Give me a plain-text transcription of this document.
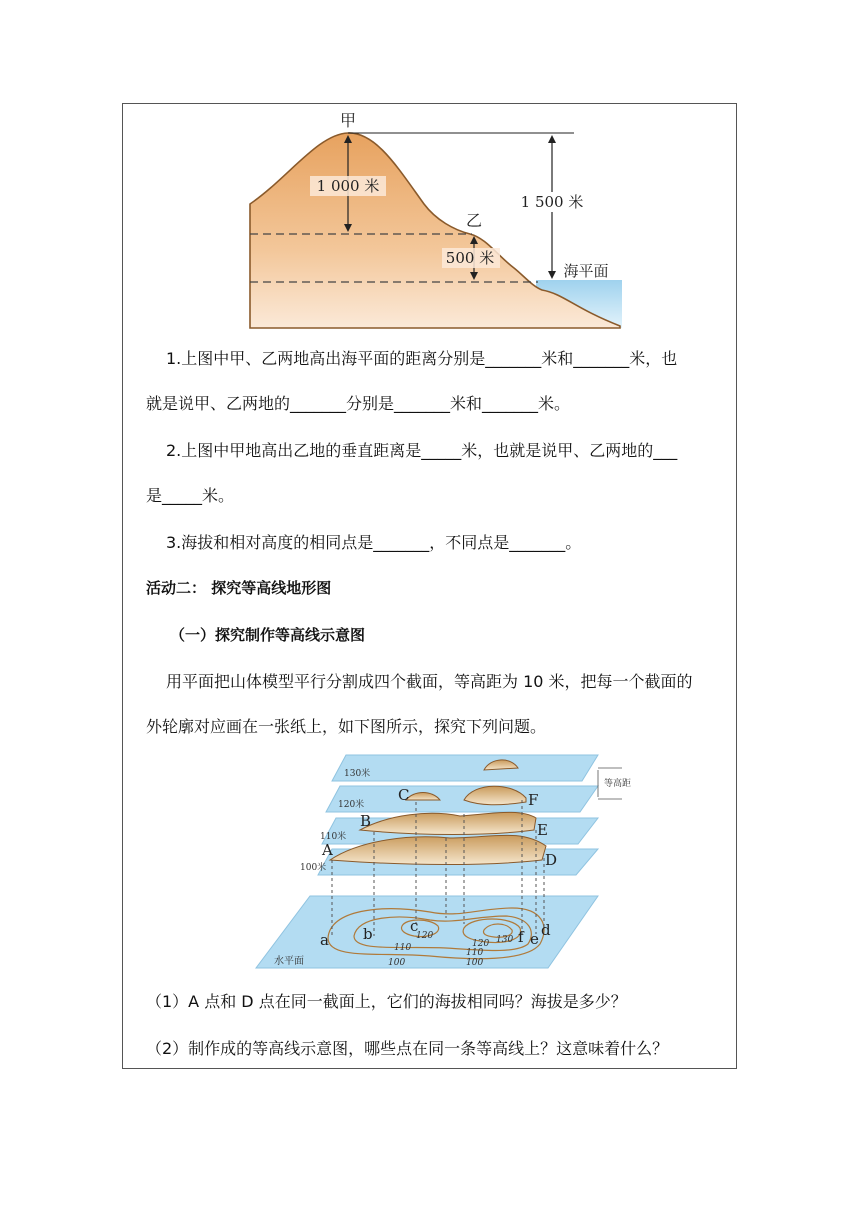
1 000 米
1 500 米
500 米
甲
乙
海平面
1.上图中甲、乙两地高出海平面的距离分别是_______米和_______米，也
就是说甲、乙两地的_______分别是_______米和_______米。
2.上图中甲地高出乙地的垂直距离是_____米，也就是说甲、乙两地的___
是_____米。
3.海拔和相对高度的相同点是_______，不同点是_______。
活动二： 探究等高线地形图
（一）探究制作等高线示意图
用平面把山体模型平行分割成四个截面，等高距为 10 米，把每一个截面的
外轮廓对应画在一张纸上，如下图所示，探究下列问题。
等高距
130米
120米
110米
100米
A
B
C
D
E
F
a b c	d
e
f
100
110
120	130
120
110
100
水平面
（1）A 点和 D 点在同一截面上，它们的海拔相同吗？海拔是多少？
（2）制作成的等高线示意图，哪些点在同一条等高线上？这意味着什么？
